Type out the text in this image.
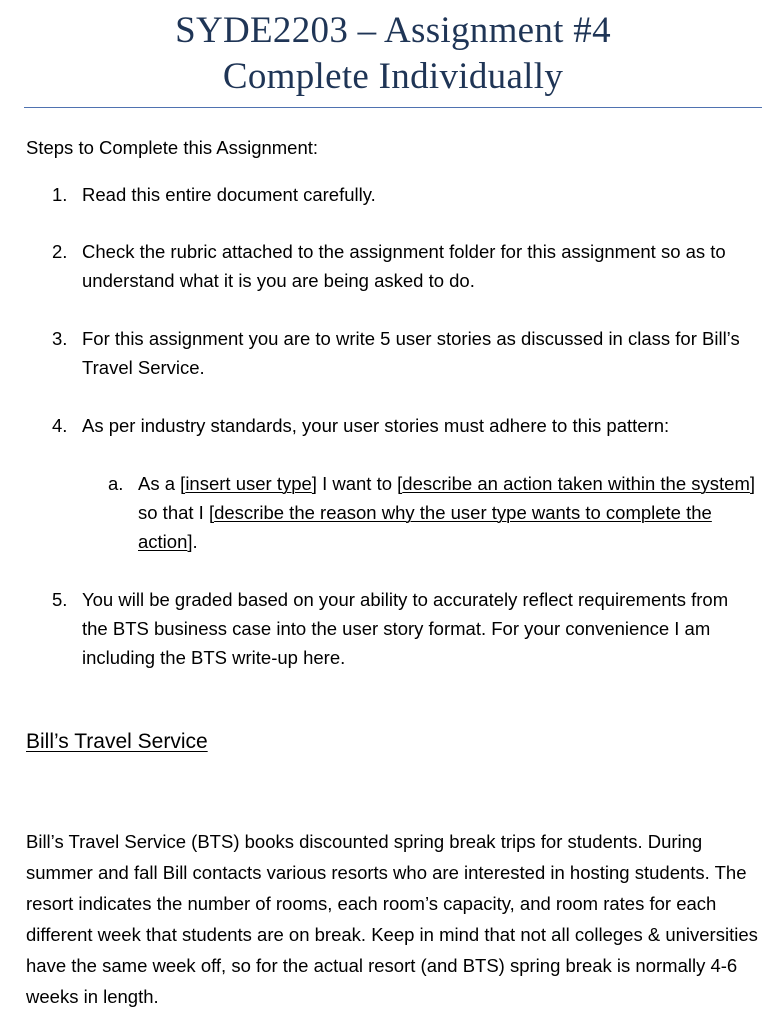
SYDE2203 – Assignment #4
Complete Individually
Steps to Complete this Assignment:
1. Read this entire document carefully.
2. Check the rubric attached to the assignment folder for this assignment so as to understand what it is you are being asked to do.
3. For this assignment you are to write 5 user stories as discussed in class for Bill’s Travel Service.
4. As per industry standards, your user stories must adhere to this pattern:
a. As a [insert user type] I want to [describe an action taken within the system] so that I [describe the reason why the user type wants to complete the action].
5. You will be graded based on your ability to accurately reflect requirements from the BTS business case into the user story format. For your convenience I am including the BTS write-up here.
Bill’s Travel Service
Bill’s Travel Service (BTS) books discounted spring break trips for students. During summer and fall Bill contacts various resorts who are interested in hosting students. The resort indicates the number of rooms, each room’s capacity, and room rates for each different week that students are on break. Keep in mind that not all colleges & universities have the same week off, so for the actual resort (and BTS) spring break is normally 4-6 weeks in length.
